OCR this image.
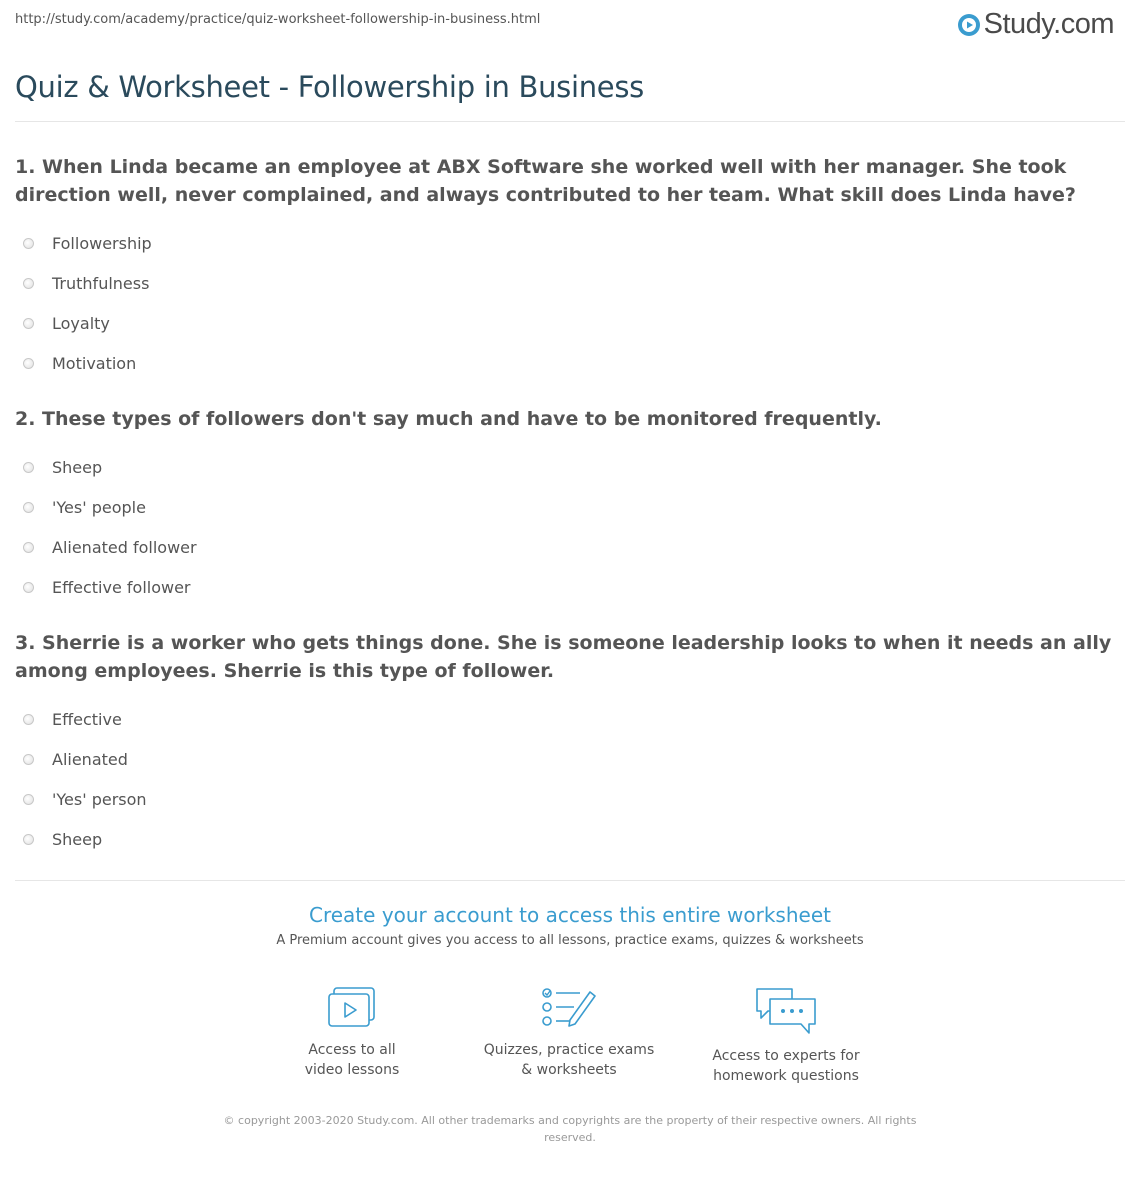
http://study.com/academy/practice/quiz-worksheet-followership-in-business.html	Study.com
Quiz & Worksheet - Followership in Business

1. When Linda became an employee at ABX Software she worked well with her manager. She took direction well, never complained, and always contributed to her team. What skill does Linda have?

Followership
Truthfulness
Loyalty
Motivation

2. These types of followers don't say much and have to be monitored frequently.

Sheep
'Yes' people
Alienated follower
Effective follower

3. Sherrie is a worker who gets things done. She is someone leadership looks to when it needs an ally among employees. Sherrie is this type of follower.

Effective
Alienated
'Yes' person
Sheep
Create your account to access this entire worksheet

A Premium account gives you access to all lessons, practice exams, quizzes & worksheets

Access to all
video lessons
Quizzes, practice exams
& worksheets
Access to experts for
homework questions
© copyright 2003-2020 Study.com. All other trademarks and copyrights are the property of their respective owners. All rights
reserved.
